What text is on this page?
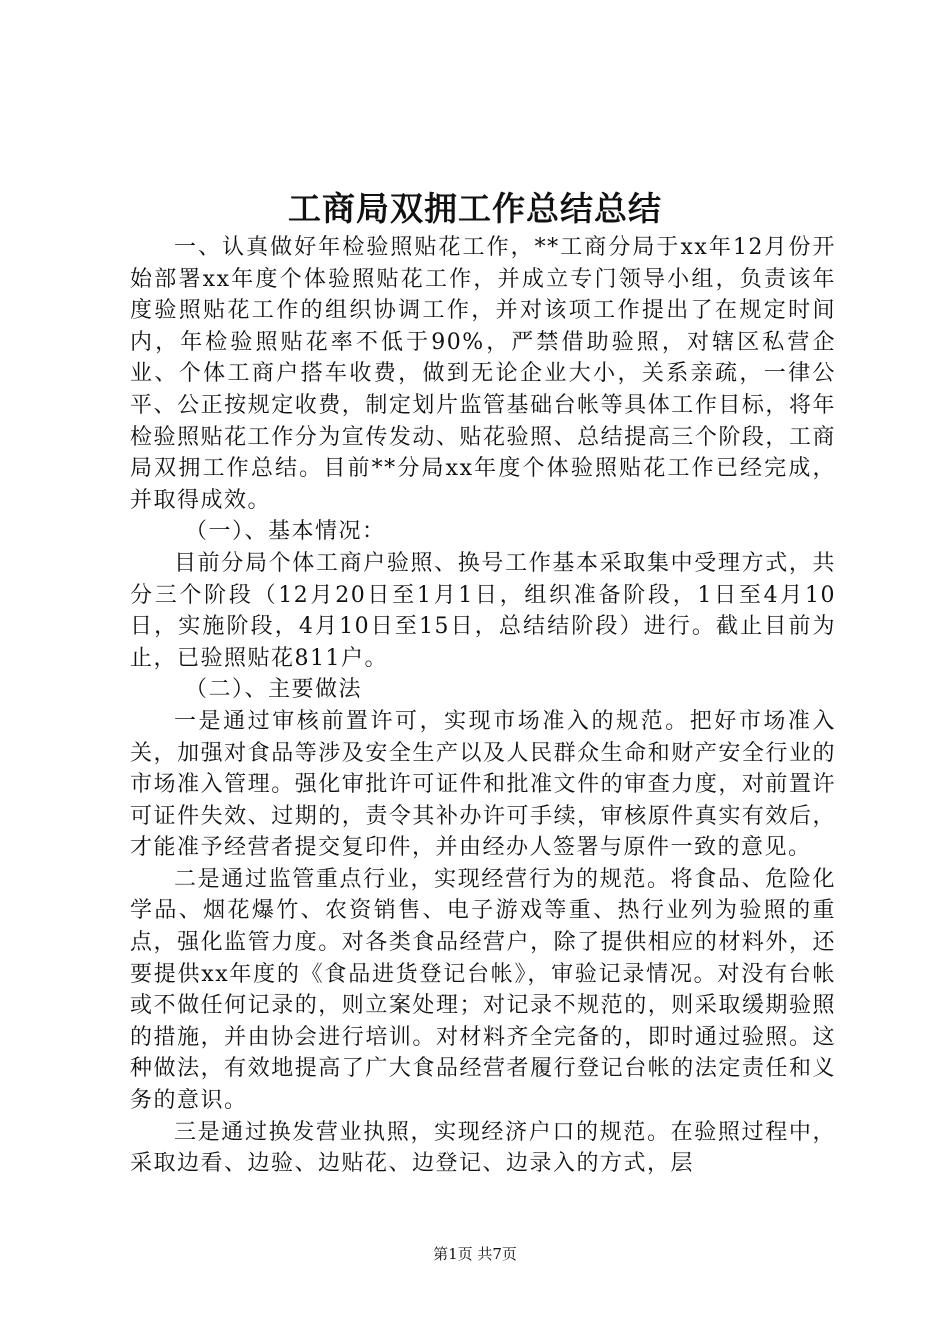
工商局双拥工作总结总结

一、认真做好年检验照贴花工作，**工商分局于xx年12月份开始部署xx年度个体验照贴花工作，并成立专门领导小组，负责该年度验照贴花工作的组织协调工作，并对该项工作提出了在规定时间内，年检验照贴花率不低于90%，严禁借助验照，对辖区私营企业、个体工商户搭车收费，做到无论企业大小，关系亲疏，一律公平、公正按规定收费，制定划片监管基础台帐等具体工作目标，将年检验照贴花工作分为宣传发动、贴花验照、总结提高三个阶段，工商局双拥工作总结。目前**分局xx年度个体验照贴花工作已经完成，并取得成效。

（一）、基本情况：

目前分局个体工商户验照、换号工作基本采取集中受理方式，共分三个阶段（12月20日至1月1日，组织准备阶段，1日至4月10日，实施阶段，4月10日至15日，总结结阶段）进行。截止目前为止，已验照贴花811户。

（二）、主要做法

一是通过审核前置许可，实现市场准入的规范。把好市场准入关，加强对食品等涉及安全生产以及人民群众生命和财产安全行业的市场准入管理。强化审批许可证件和批准文件的审查力度，对前置许可证件失效、过期的，责令其补办许可手续，审核原件真实有效后，才能准予经营者提交复印件，并由经办人签署与原件一致的意见。

二是通过监管重点行业，实现经营行为的规范。将食品、危险化学品、烟花爆竹、农资销售、电子游戏等重、热行业列为验照的重点，强化监管力度。对各类食品经营户，除了提供相应的材料外，还要提供xx年度的《食品进货登记台帐》，审验记录情况。对没有台帐或不做任何记录的，则立案处理；对记录不规范的，则采取缓期验照的措施，并由协会进行培训。对材料齐全完备的，即时通过验照。这种做法，有效地提高了广大食品经营者履行登记台帐的法定责任和义务的意识。

三是通过换发营业执照，实现经济户口的规范。在验照过程中，采取边看、边验、边贴花、边登记、边录入的方式，层

第1页 共7页
